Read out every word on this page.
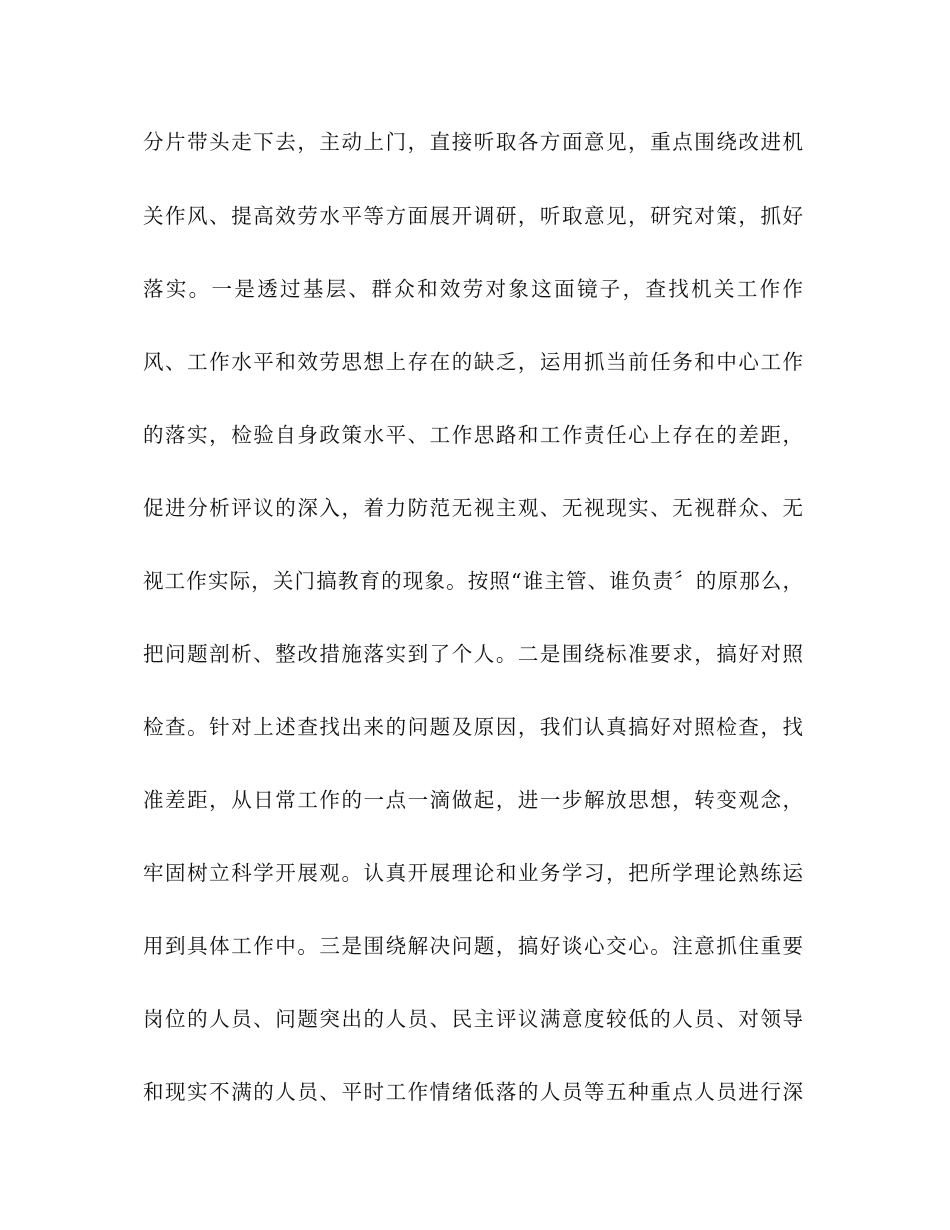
分片带头走下去，主动上门，直接听取各方面意见，重点围绕改进机
关作风、提高效劳水平等方面展开调研，听取意见，研究对策，抓好
落实。一是透过基层、群众和效劳对象这面镜子，查找机关工作作
风、工作水平和效劳思想上存在的缺乏，运用抓当前任务和中心工作
的落实，检验自身政策水平、工作思路和工作责任心上存在的差距，
促进分析评议的深入，着力防范无视主观、无视现实、无视群众、无
视工作实际，关门搞教育的现象。按照“谁主管、谁负责〞的原那么，
把问题剖析、整改措施落实到了个人。二是围绕标准要求，搞好对照
检查。针对上述查找出来的问题及原因，我们认真搞好对照检查，找
准差距，从日常工作的一点一滴做起，进一步解放思想，转变观念，
牢固树立科学开展观。认真开展理论和业务学习，把所学理论熟练运
用到具体工作中。三是围绕解决问题，搞好谈心交心。注意抓住重要
岗位的人员、问题突出的人员、民主评议满意度较低的人员、对领导
和现实不满的人员、平时工作情绪低落的人员等五种重点人员进行深
